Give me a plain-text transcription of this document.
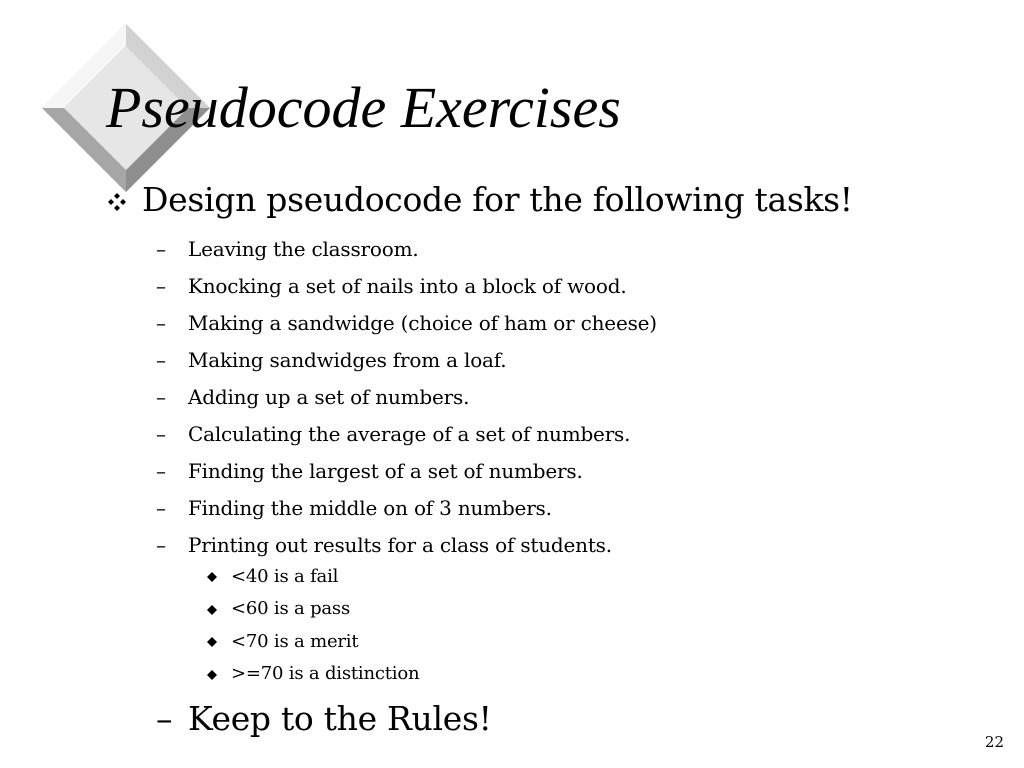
Pseudocode Exercises
Design pseudocode for the following tasks!
–	Leaving the classroom.
–	Knocking a set of nails into a block of wood.
–	Making a sandwidge (choice of ham or cheese)
–	Making sandwidges from a loaf.
–	Adding up a set of numbers.
–	Calculating the average of a set of numbers.
–	Finding the largest of a set of numbers.
–	Finding the middle on of 3 numbers.
–	Printing out results for a class of students.
<40 is a fail
<60 is a pass
<70 is a merit
>=70 is a distinction
– Keep to the Rules!
22
